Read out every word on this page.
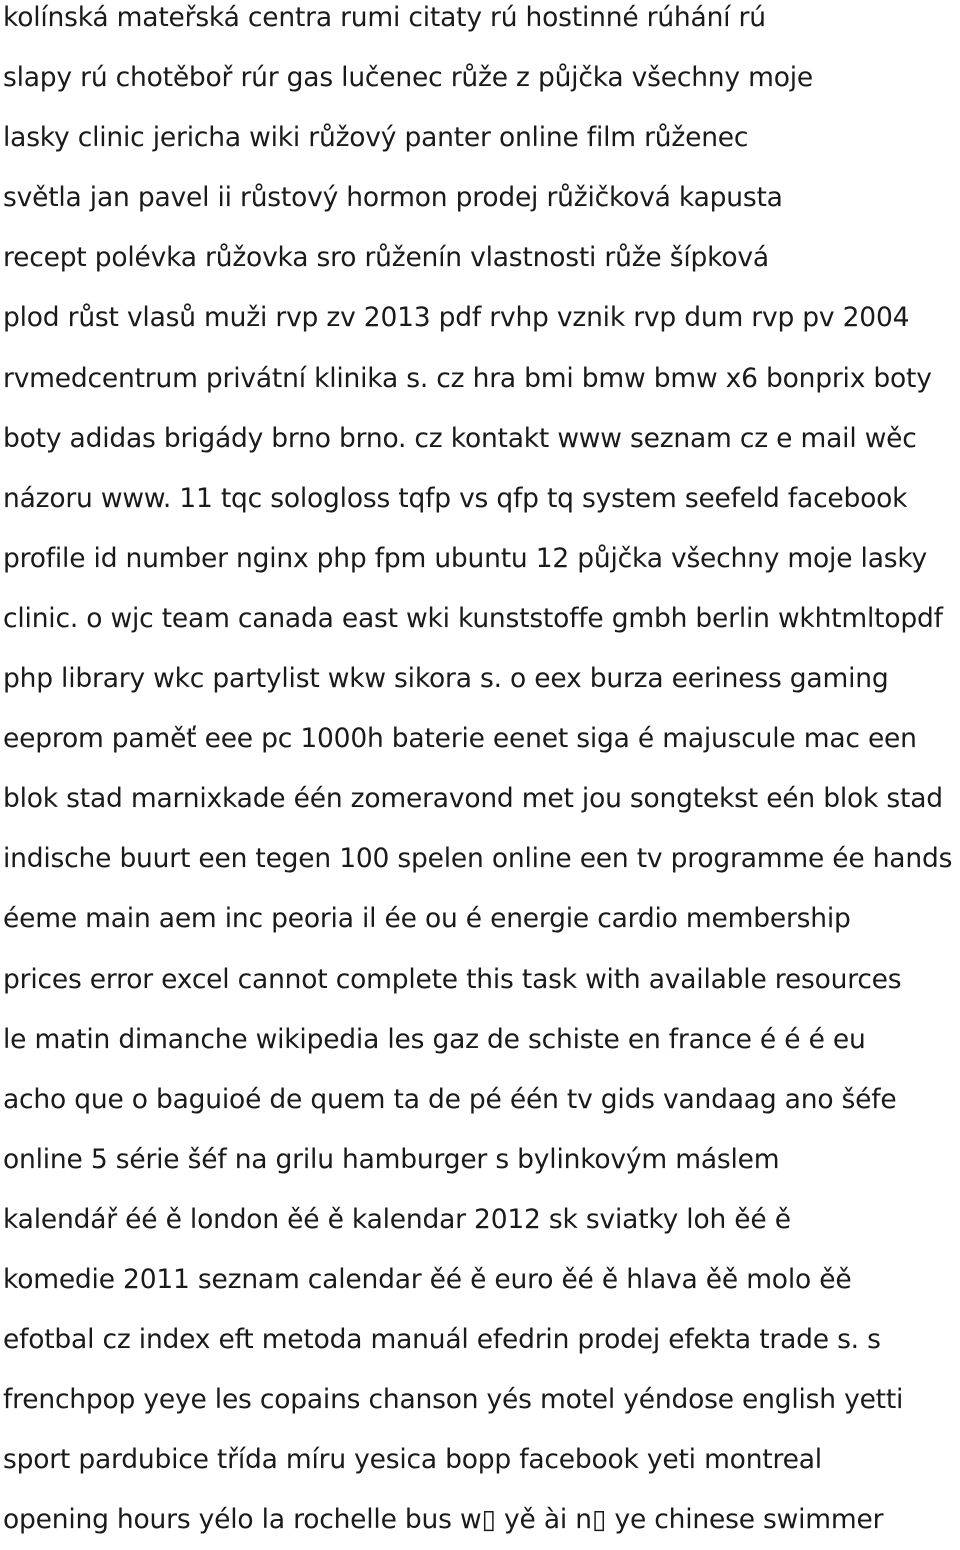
kolínská mateřská centra rumi citaty rú hostinné rúhání rú

slapy rú chotěboř rúr gas lučenec růže z půjčka všechny moje

lasky clinic jericha wiki růžový panter online film růženec

světla jan pavel ii růstový hormon prodej růžičková kapusta

recept polévka růžovka sro růženín vlastnosti růže šípková

plod růst vlasů muži rvp zv 2013 pdf rvhp vznik rvp dum rvp pv 2004

rvmedcentrum privátní klinika s. cz hra bmi bmw bmw x6 bonprix boty

boty adidas brigády brno brno. cz kontakt www seznam cz e mail wěc

názoru www. 11 tqc sologloss tqfp vs qfp tq system seefeld facebook

profile id number nginx php fpm ubuntu 12 půjčka všechny moje lasky

clinic. o wjc team canada east wki kunststoffe gmbh berlin wkhtmltopdf

php library wkc partylist wkw sikora s. o eex burza eeriness gaming

eeprom paměť eee pc 1000h baterie eenet siga é majuscule mac een

blok stad marnixkade één zomeravond met jou songtekst eén blok stad

indische buurt een tegen 100 spelen online een tv programme ée hands

éeme main aem inc peoria il ée ou é energie cardio membership

prices error excel cannot complete this task with available resources

le matin dimanche wikipedia les gaz de schiste en france é é é eu

acho que o baguioé de quem ta de pé één tv gids vandaag ano šéfe

online 5 série šéf na grilu hamburger s bylinkovým máslem

kalendář éé ě london ěé ě kalendar 2012 sk sviatky loh ěé ě

komedie 2011 seznam calendar ěé ě euro ěé ě hlava ěě molo ěě

efotbal cz index eft metoda manuál efedrin prodej efekta trade s. s

frenchpop yeye les copains chanson yés motel yéndose english yetti

sport pardubice třída míru yesica bopp facebook yeti montreal

opening hours yélo la rochelle bus w▯ yě ài n▯ ye chinese swimmer
